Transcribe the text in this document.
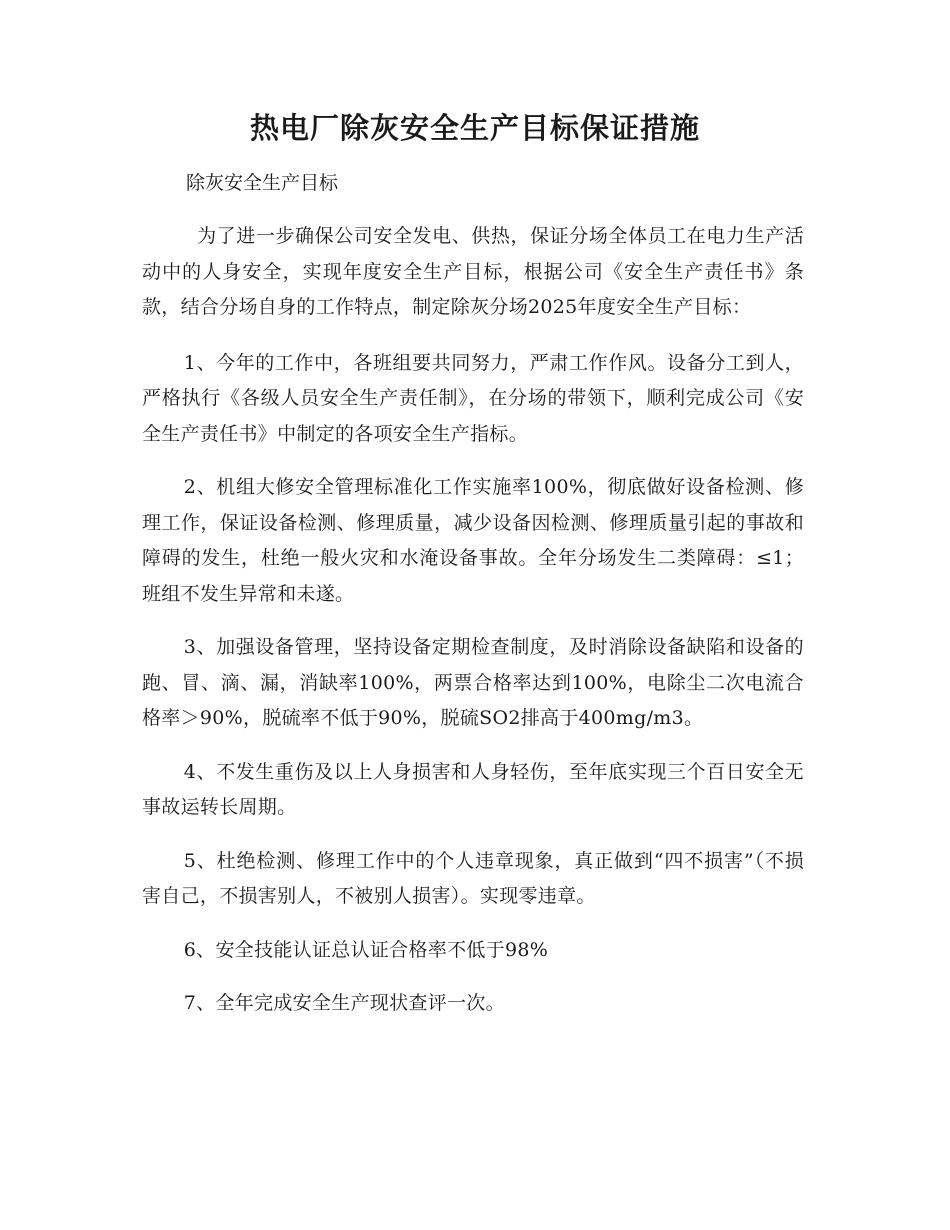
热电厂除灰安全生产目标保证措施

除灰安全生产目标

为了进一步确保公司安全发电、供热，保证分场全体员工在电力生产活动中的人身安全，实现年度安全生产目标，根据公司《安全生产责任书》条款，结合分场自身的工作特点，制定除灰分场2025年度安全生产目标：

1、今年的工作中，各班组要共同努力，严肃工作作风。设备分工到人，严格执行《各级人员安全生产责任制》，在分场的带领下，顺利完成公司《安全生产责任书》中制定的各项安全生产指标。

2、机组大修安全管理标准化工作实施率100%，彻底做好设备检测、修理工作，保证设备检测、修理质量，减少设备因检测、修理质量引起的事故和障碍的发生，杜绝一般火灾和水淹设备事故。全年分场发生二类障碍：≤1；班组不发生异常和未遂。

3、加强设备管理，坚持设备定期检查制度，及时消除设备缺陷和设备的跑、冒、滴、漏，消缺率100%，两票合格率达到100%，电除尘二次电流合格率＞90%，脱硫率不低于90%，脱硫SO2排高于400mg/m3。

4、不发生重伤及以上人身损害和人身轻伤，至年底实现三个百日安全无事故运转长周期。

5、杜绝检测、修理工作中的个人违章现象，真正做到“四不损害”（不损害自己，不损害别人，不被别人损害）。实现零违章。

6、安全技能认证总认证合格率不低于98%

7、全年完成安全生产现状查评一次。
